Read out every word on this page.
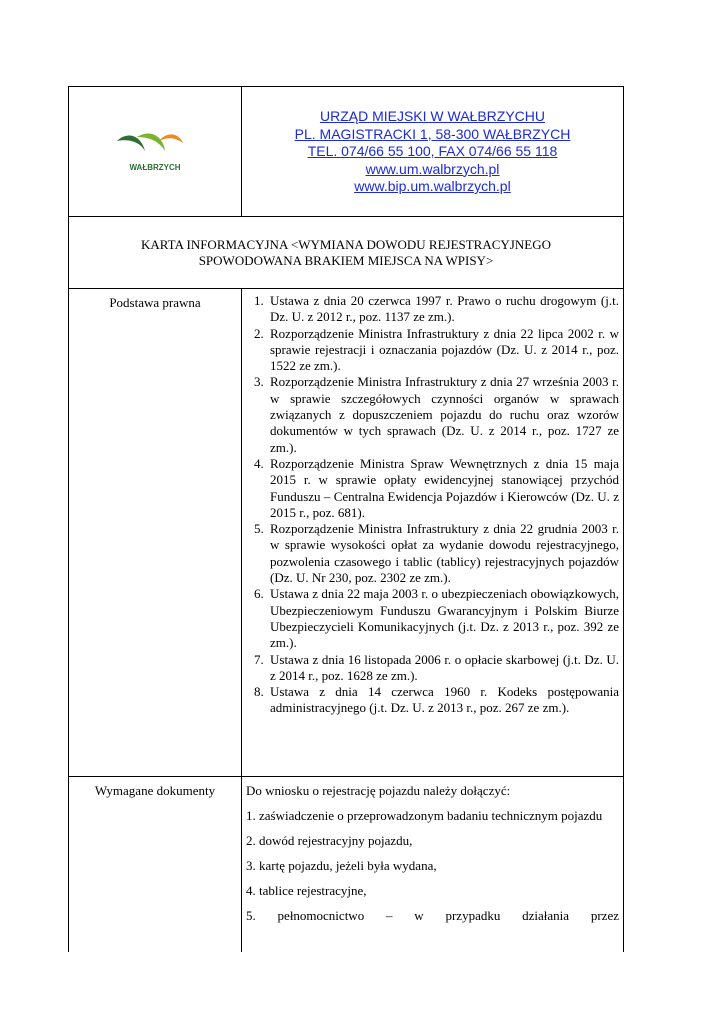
WAŁBRZYCH
URZĄD MIEJSKI W WAŁBRZYCHU
PL. MAGISTRACKI 1, 58-300 WAŁBRZYCH
TEL. 074/66 55 100, FAX 074/66 55 118
www.um.walbrzych.pl
www.bip.um.walbrzych.pl
KARTA INFORMACYJNA <WYMIANA DOWODU REJESTRACYJNEGO
SPOWODOWANA BRAKIEM MIEJSCA NA WPISY>
Podstawa prawna
1.	Ustawa z dnia 20 czerwca 1997 r. Prawo o ruchu drogowym (j.t. Dz. U. z 2012 r., poz. 1137 ze zm.).
2. Rozporządzenie Ministra Infrastruktury z dnia 22 lipca 2002 r. w sprawie rejestracji i oznaczania pojazdów (Dz. U. z 2014 r., poz. 1522 ze zm.).
3. Rozporządzenie Ministra Infrastruktury z dnia 27 września 2003 r. w sprawie szczegółowych czynności organów w sprawach związanych z dopuszczeniem pojazdu do ruchu oraz wzorów dokumentów w tych sprawach (Dz. U. z 2014 r., poz. 1727 ze zm.).
4. Rozporządzenie Ministra Spraw Wewnętrznych z dnia 15 maja 2015 r. w sprawie opłaty ewidencyjnej stanowiącej przychód Funduszu – Centralna Ewidencja Pojazdów i Kierowców (Dz. U. z 2015 r., poz. 681).
5. Rozporządzenie Ministra Infrastruktury z dnia 22 grudnia 2003 r. w sprawie wysokości opłat za wydanie dowodu rejestracyjnego, pozwolenia czasowego i tablic (tablicy) rejestracyjnych pojazdów (Dz. U. Nr 230, poz. 2302 ze zm.).
6. Ustawa z dnia 22 maja 2003 r. o ubezpieczeniach obowiązkowych, Ubezpieczeniowym Funduszu Gwarancyjnym i Polskim Biurze Ubezpieczycieli Komunikacyjnych (j.t. Dz. z 2013 r., poz. 392 ze zm.).
7. Ustawa z dnia 16 listopada 2006 r. o opłacie skarbowej (j.t. Dz. U. z 2014 r., poz. 1628 ze zm.).
8. Ustawa z dnia 14 czerwca 1960 r. Kodeks postępowania administracyjnego (j.t. Dz. U. z 2013 r., poz. 267 ze zm.).
Wymagane dokumenty	Do wniosku o rejestrację pojazdu należy dołączyć:

1. zaświadczenie o przeprowadzonym badaniu technicznym pojazdu

2. dowód rejestracyjny pojazdu,

3. kartę pojazdu, jeżeli była wydana,

4. tablice rejestracyjne,

5. pełnomocnictwo – w przypadku działania przez
